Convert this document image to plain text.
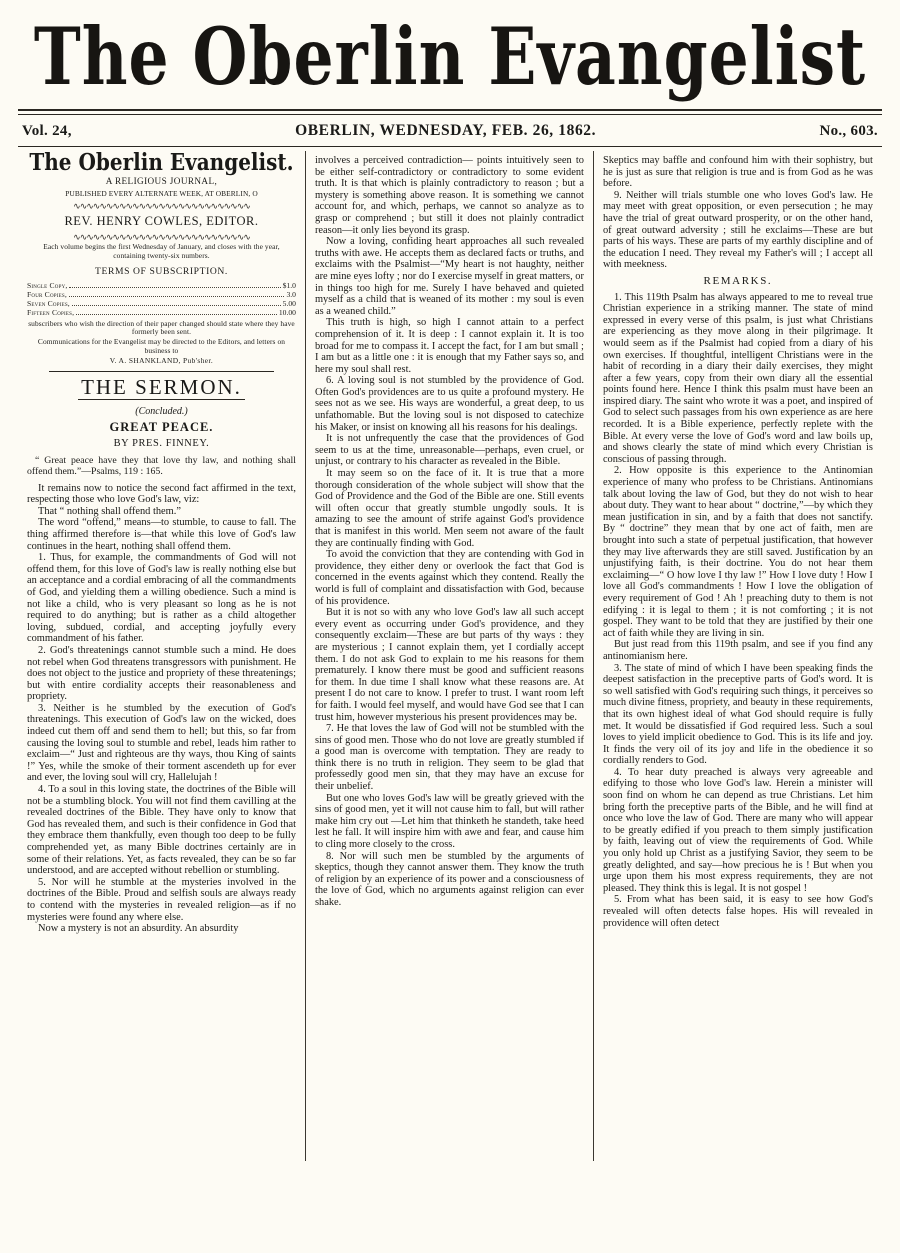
The Oberlin Evangelist
Vol. 24,	OBERLIN, WEDNESDAY, FEB. 26, 1862.	No., 603.
The Oberlin Evangelist.
A RELIGIOUS JOURNAL,
PUBLISHED EVERY ALTERNATE WEEK, AT OBERLIN, O
∿∿∿∿∿∿∿∿∿∿∿∿∿∿∿∿∿∿∿∿∿∿∿∿∿∿∿
REV. HENRY COWLES, EDITOR.
∿∿∿∿∿∿∿∿∿∿∿∿∿∿∿∿∿∿∿∿∿∿∿∿∿∿∿
Each volume begins the first Wednesday of January, and closes with the year, containing twenty-six numbers.
TERMS OF SUBSCRIPTION.
Single Copy,	$1.0
Four Copies,	3.0
Seven Copies,	5.00
Fifteen Copies,	10.00
subscribers who wish the direction of their paper changed should state where they have formerly been sent.
Communications for the Evangelist may be directed to the Editors, and letters on business to
V. A. SHANKLAND, Pub'sher.
THE SERMON.
(Concluded.)
GREAT PEACE.
BY PRES. FINNEY.
“ Great peace have they that love thy law, and nothing shall offend them.”—Psalms, 119 : 165.

It remains now to notice the second fact affirmed in the text, respecting those who love God's law, viz:

That “ nothing shall offend them.”

The word “offend,” means—to stumble, to cause to fall. The thing affirmed therefore is—that while this love of God's law continues in the heart, nothing shall offend them.

1. Thus, for example, the commandments of God will not offend them, for this love of God's law is really nothing else but an acceptance and a cordial embracing of all the commandments of God, and yielding them a willing obedience. Such a mind is not like a child, who is very pleasant so long as he is not required to do anything; but is rather as a child altogether loving, subdued, cordial, and accepting joyfully every commandment of his father.

2. God's threatenings cannot stumble such a mind. He does not rebel when God threatens transgressors with punishment. He does not object to the justice and propriety of these threatenings; but with entire cordiality accepts their reasonableness and propriety.

3. Neither is he stumbled by the execution of God's threatenings. This execution of God's law on the wicked, does indeed cut them off and send them to hell; but this, so far from causing the loving soul to stumble and rebel, leads him rather to exclaim—“ Just and righteous are thy ways, thou King of saints !” Yes, while the smoke of their torment ascendeth up for ever and ever, the loving soul will cry, Hallelujah !

4. To a soul in this loving state, the doctrines of the Bible will not be a stumbling block. You will not find them cavilling at the revealed doctrines of the Bible. They have only to know that God has revealed them, and such is their confidence in God that they embrace them thankfully, even though too deep to be fully comprehended yet, as many Bible doctrines certainly are in some of their relations. Yet, as facts revealed, they can be so far understood, and are accepted without rebellion or stumbling.

5. Nor will he stumble at the mysteries involved in the doctrines of the Bible. Proud and selfish souls are always ready to contend with the mysteries in revealed religion—as if no mysteries were found any where else.

Now a mystery is not an absurdity. An absurdity

involves a perceived contradiction— points intuitively seen to be either self-contradictory or contradictory to some evident truth. It is that which is plainly contradictory to reason ; but a mystery is something above reason. It is something we cannot account for, and which, perhaps, we cannot so analyze as to grasp or comprehend ; but still it does not plainly contradict reason—it only lies beyond its grasp.

Now a loving, confiding heart approaches all such revealed truths with awe. He accepts them as declared facts or truths, and exclaims with the Psalmist—“My heart is not haughty, neither are mine eyes lofty ; nor do I exercise myself in great matters, or in things too high for me. Surely I have behaved and quieted myself as a child that is weaned of its mother : my soul is even as a weaned child.”

This truth is high, so high I cannot attain to a perfect comprehension of it. It is deep : I cannot explain it. It is too broad for me to compass it. I accept the fact, for I am but small ; I am but as a little one : it is enough that my Father says so, and here my soul shall rest.

6. A loving soul is not stumbled by the providence of God. Often God's providences are to us quite a profound mystery. He sees not as we see. His ways are wonderful, a great deep, to us unfathomable. But the loving soul is not disposed to catechize his Maker, or insist on knowing all his reasons for his dealings.

It is not unfrequently the case that the providences of God seem to us at the time, unreasonable—perhaps, even cruel, or unjust, or contrary to his character as revealed in the Bible.

It may seem so on the face of it. It is true that a more thorough consideration of the whole subject will show that the God of Providence and the God of the Bible are one. Still events will often occur that greatly stumble ungodly souls. It is amazing to see the amount of strife against God's providence that is manifest in this world. Men seem not aware of the fault they are continually finding with God.

To avoid the conviction that they are contending with God in providence, they either deny or overlook the fact that God is concerned in the events against which they contend. Really the world is full of complaint and dissatisfaction with God, because of his providence.

But it is not so with any who love God's law all such accept every event as occurring under God's providence, and they consequently exclaim—These are but parts of thy ways : they are mysterious ; I cannot explain them, yet I cordially accept them. I do not ask God to explain to me his reasons for them prematurely. I know there must be good and sufficient reasons for them. In due time I shall know what these reasons are. At present I do not care to know. I prefer to trust. I want room left for faith. I would feel myself, and would have God see that I can trust him, however mysterious his present providences may be.

7. He that loves the law of God will not be stumbled with the sins of good men. Those who do not love are greatly stumbled if a good man is overcome with temptation. They are ready to think there is no truth in religion. They seem to be glad that professedly good men sin, that they may have an excuse for their unbelief.

But one who loves God's law will be greatly grieved with the sins of good men, yet it will not cause him to fall, but will rather make him cry out —Let him that thinketh he standeth, take heed lest he fall. It will inspire him with awe and fear, and cause him to cling more closely to the cross.

8. Nor will such men be stumbled by the arguments of skeptics, though they cannot answer them. They know the truth of religion by an experience of its power and a consciousness of the love of God, which no arguments against religion can ever shake.

Skeptics may baffle and confound him with their sophistry, but he is just as sure that religion is true and is from God as he was before.

9. Neither will trials stumble one who loves God's law. He may meet with great opposition, or even persecution ; he may have the trial of great outward prosperity, or on the other hand, of great outward adversity ; still he exclaims—These are but parts of his ways. These are parts of my earthly discipline and of the education I need. They reveal my Father's will ; I accept all with meekness.

REMARKS.

1. This 119th Psalm has always appeared to me to reveal true Christian experience in a striking manner. The state of mind expressed in every verse of this psalm, is just what Christians are experiencing as they move along in their pilgrimage. It would seem as if the Psalmist had copied from a diary of his own exercises. If thoughtful, intelligent Christians were in the habit of recording in a diary their daily exercises, they might after a few years, copy from their own diary all the essential points found here. Hence I think this psalm must have been an inspired diary. The saint who wrote it was a poet, and inspired of God to select such passages from his own experience as are here recorded. It is a Bible experience, perfectly replete with the Bible. At every verse the love of God's word and law boils up, and shows clearly the state of mind which every Christian is conscious of passing through.

2. How opposite is this experience to the Antinomian experience of many who profess to be Christians. Antinomians talk about loving the law of God, but they do not wish to hear about duty. They want to hear about “ doctrine,”—by which they mean justification in sin, and by a faith that does not sanctify. By “ doctrine” they mean that by one act of faith, men are brought into such a state of perpetual justification, that however they may live afterwards they are still saved. Justification by an unjustifying faith, is their doctrine. You do not hear them exclaiming—“ O how love I thy law !” How I love duty ! How I love all God's commandments ! How I love the obligation of every requirement of God ! Ah ! preaching duty to them is not edifying : it is legal to them ; it is not comforting ; it is not gospel. They want to be told that they are justified by their one act of faith while they are living in sin.

But just read from this 119th psalm, and see if you find any antinomianism here.

3. The state of mind of which I have been speaking finds the deepest satisfaction in the preceptive parts of God's word. It is so well satisfied with God's requiring such things, it perceives so much divine fitness, propriety, and beauty in these requirements, that its own highest ideal of what God should require is fully met. It would be dissatisfied if God required less. Such a soul loves to yield implicit obedience to God. This is its life and joy. It finds the very oil of its joy and life in the obedience it so cordially renders to God.

4. To hear duty preached is always very agreeable and edifying to those who love God's law. Herein a minister will soon find on whom he can depend as true Christians. Let him bring forth the preceptive parts of the Bible, and he will find at once who love the law of God. There are many who will appear to be greatly edified if you preach to them simply justification by faith, leaving out of view the requirements of God. While you only hold up Christ as a justifying Savior, they seem to be greatly delighted, and say—how precious he is ! But when you urge upon them his most express requirements, they are not pleased. They think this is legal. It is not gospel !

5. From what has been said, it is easy to see how God's revealed will often detects false hopes. His will revealed in providence will often detect
